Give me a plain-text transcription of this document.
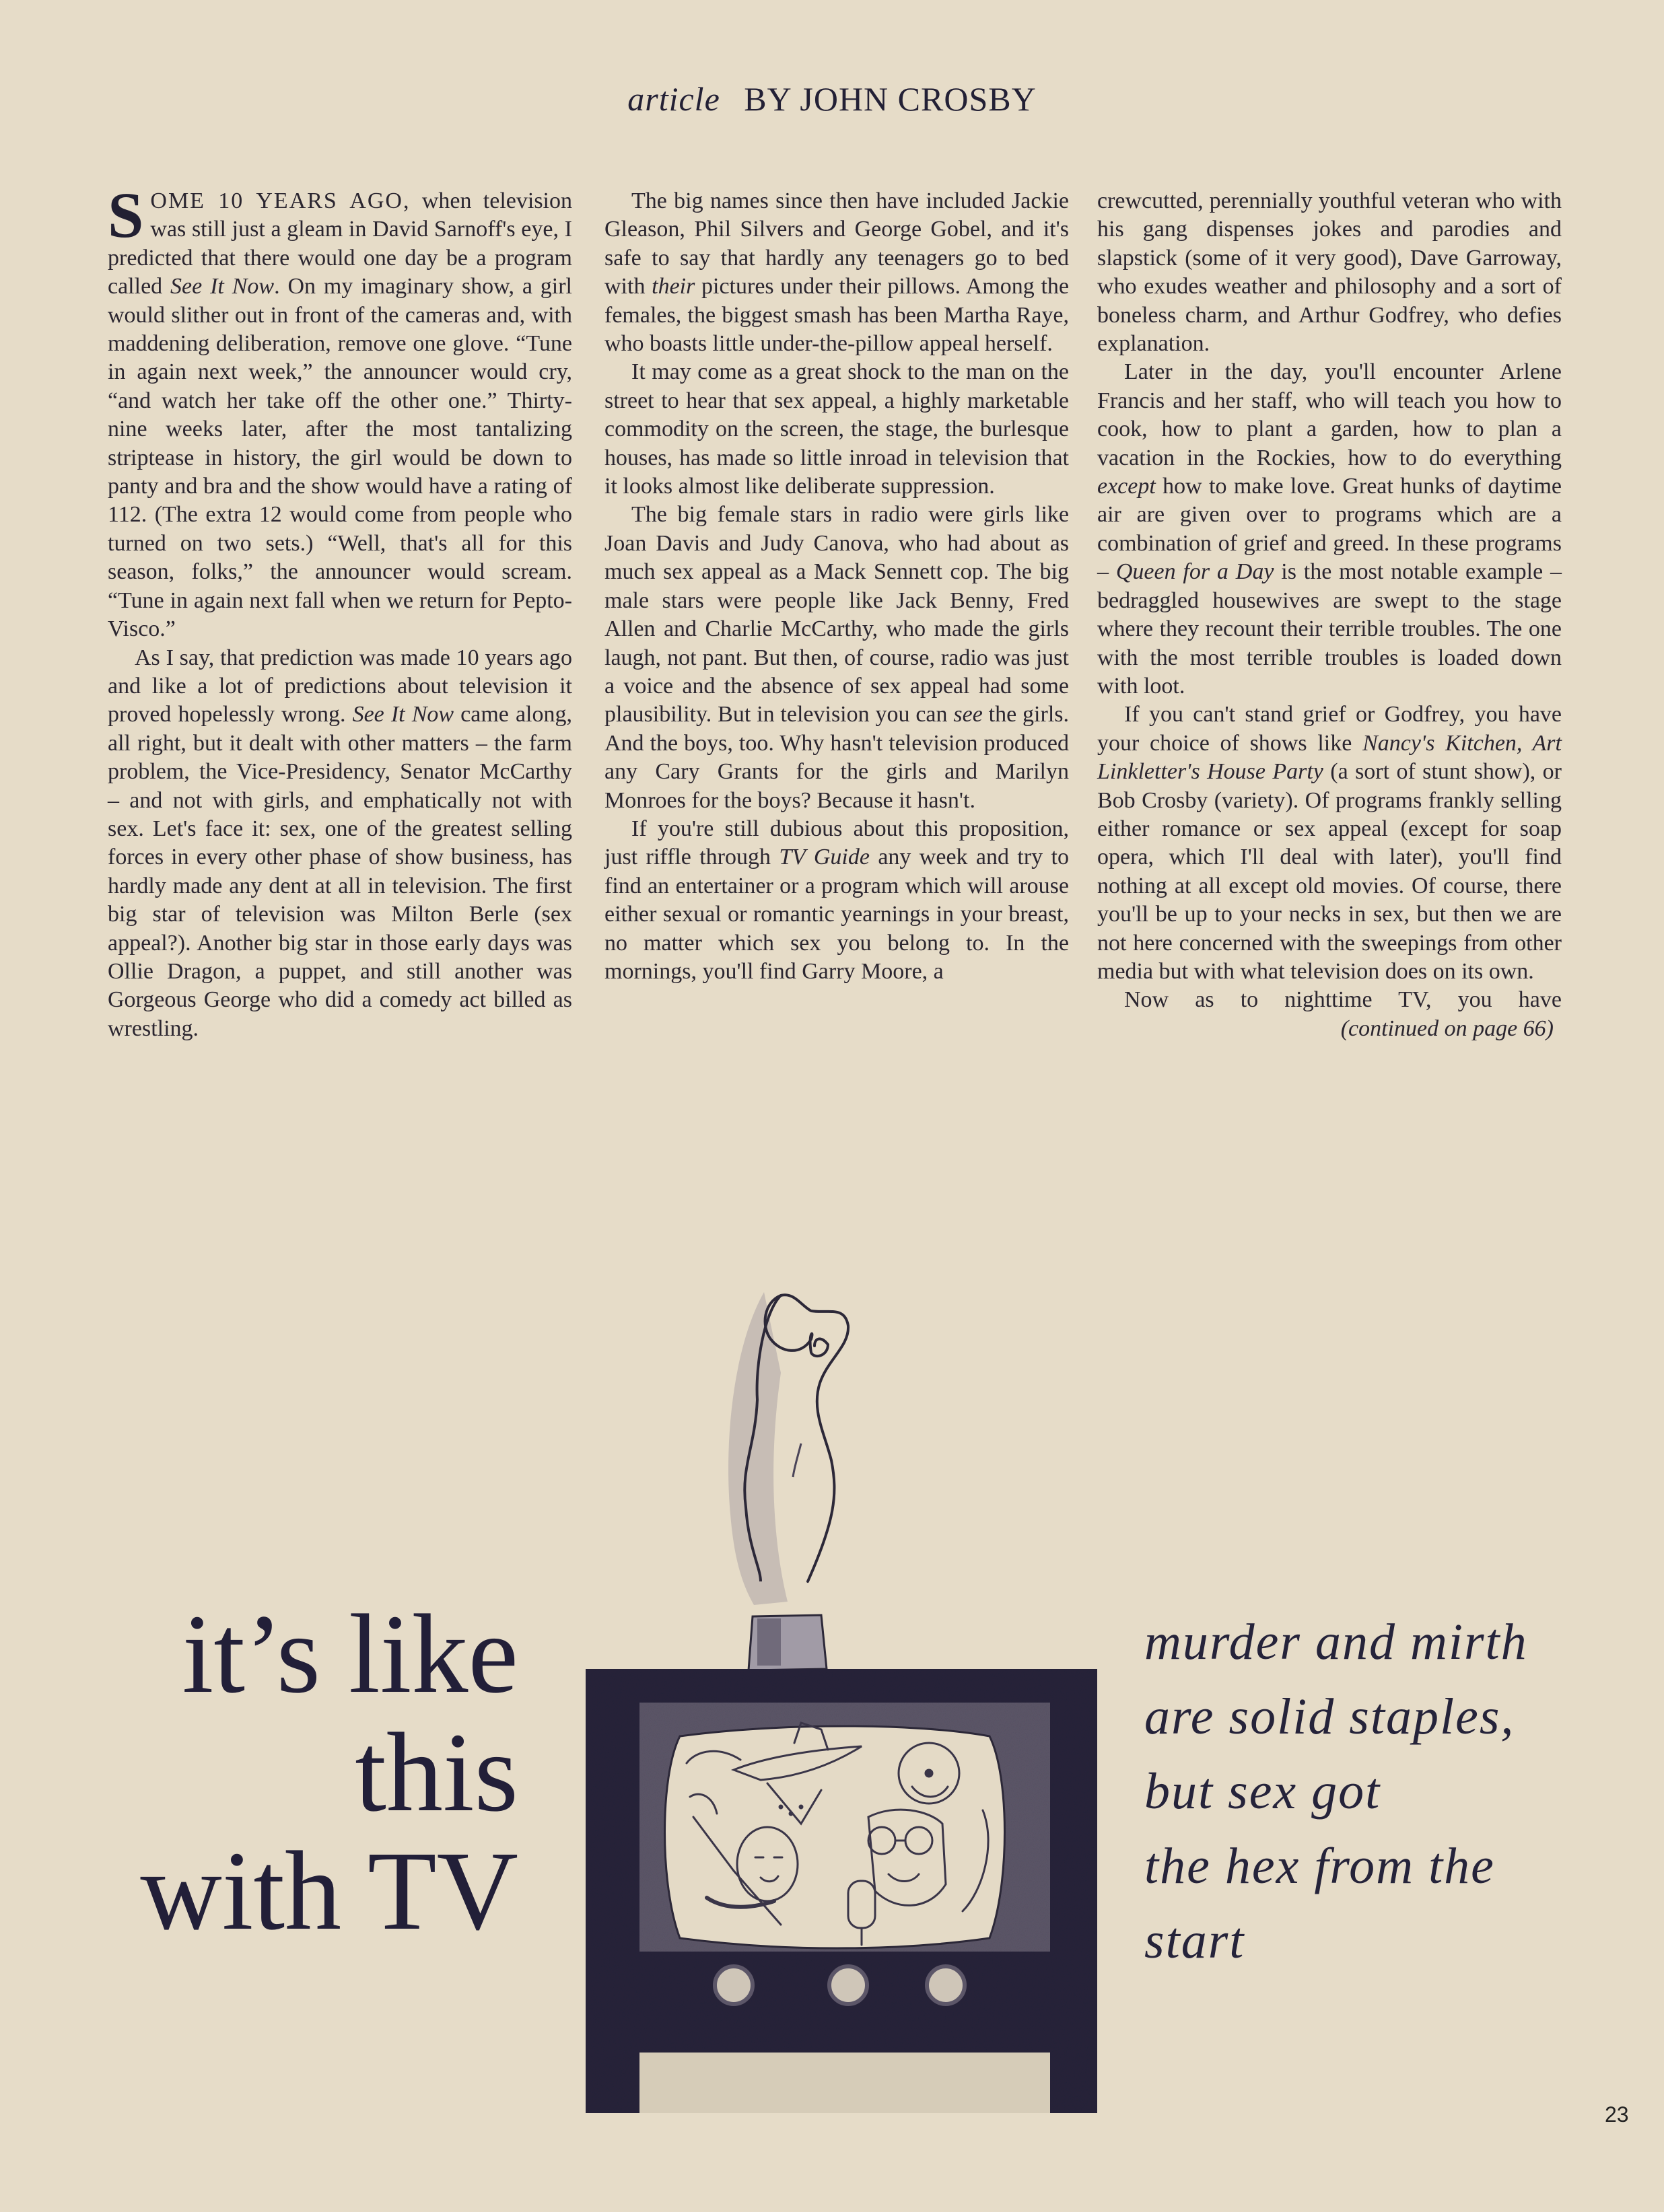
article BY JOHN CROSBY

SOME 10 YEARS AGO, when television was still just a gleam in David Sarnoff's eye, I predicted that there would one day be a program called See It Now. On my imaginary show, a girl would slither out in front of the cameras and, with maddening deliberation, remove one glove. “Tune in again next week,” the announcer would cry, “and watch her take off the other one.” Thirty-nine weeks later, after the most tantalizing striptease in history, the girl would be down to panty and bra and the show would have a rating of 112. (The extra 12 would come from people who turned on two sets.) “Well, that's all for this season, folks,” the announcer would scream. “Tune in again next fall when we return for Pepto-Visco.”

As I say, that prediction was made 10 years ago and like a lot of predictions about television it proved hopelessly wrong. See It Now came along, all right, but it dealt with other matters – the farm problem, the Vice-Presidency, Senator McCarthy – and not with girls, and emphatically not with sex. Let's face it: sex, one of the greatest selling forces in every other phase of show business, has hardly made any dent at all in television. The first big star of television was Milton Berle (sex appeal?). Another big star in those early days was Ollie Dragon, a puppet, and still another was Gorgeous George who did a comedy act billed as wrestling.

The big names since then have included Jackie Gleason, Phil Silvers and George Gobel, and it's safe to say that hardly any teenagers go to bed with their pictures under their pillows. Among the females, the biggest smash has been Martha Raye, who boasts little under-the-pillow appeal herself.

It may come as a great shock to the man on the street to hear that sex appeal, a highly marketable commodity on the screen, the stage, the burlesque houses, has made so little inroad in television that it looks almost like deliberate suppression.

The big female stars in radio were girls like Joan Davis and Judy Canova, who had about as much sex appeal as a Mack Sennett cop. The big male stars were people like Jack Benny, Fred Allen and Charlie McCarthy, who made the girls laugh, not pant. But then, of course, radio was just a voice and the absence of sex appeal had some plausibility. But in television you can see the girls. And the boys, too. Why hasn't television produced any Cary Grants for the girls and Marilyn Monroes for the boys? Because it hasn't.

If you're still dubious about this proposition, just riffle through TV Guide any week and try to find an entertainer or a program which will arouse either sexual or romantic yearnings in your breast, no matter which sex you belong to. In the mornings, you'll find Garry Moore, a

crewcutted, perennially youthful veteran who with his gang dispenses jokes and parodies and slapstick (some of it very good), Dave Garroway, who exudes weather and philosophy and a sort of boneless charm, and Arthur Godfrey, who defies explanation.

Later in the day, you'll encounter Arlene Francis and her staff, who will teach you how to cook, how to plant a garden, how to plan a vacation in the Rockies, how to do everything except how to make love. Great hunks of daytime air are given over to programs which are a combination of grief and greed. In these programs – Queen for a Day is the most notable example – bedraggled housewives are swept to the stage where they recount their terrible troubles. The one with the most terrible troubles is loaded down with loot.

If you can't stand grief or Godfrey, you have your choice of shows like Nancy's Kitchen, Art Linkletter's House Party (a sort of stunt show), or Bob Crosby (variety). Of programs frankly selling either romance or sex appeal (except for soap opera, which I'll deal with later), you'll find nothing at all except old movies. Of course, there you'll be up to your necks in sex, but then we are not here concerned with the sweepings from other media but with what television does on its own.

Now as to nighttime TV, you have

(continued on page 66)

it’s like
this
with TV
murder and mirth
are solid staples,
but sex got
the hex from the
start
23
